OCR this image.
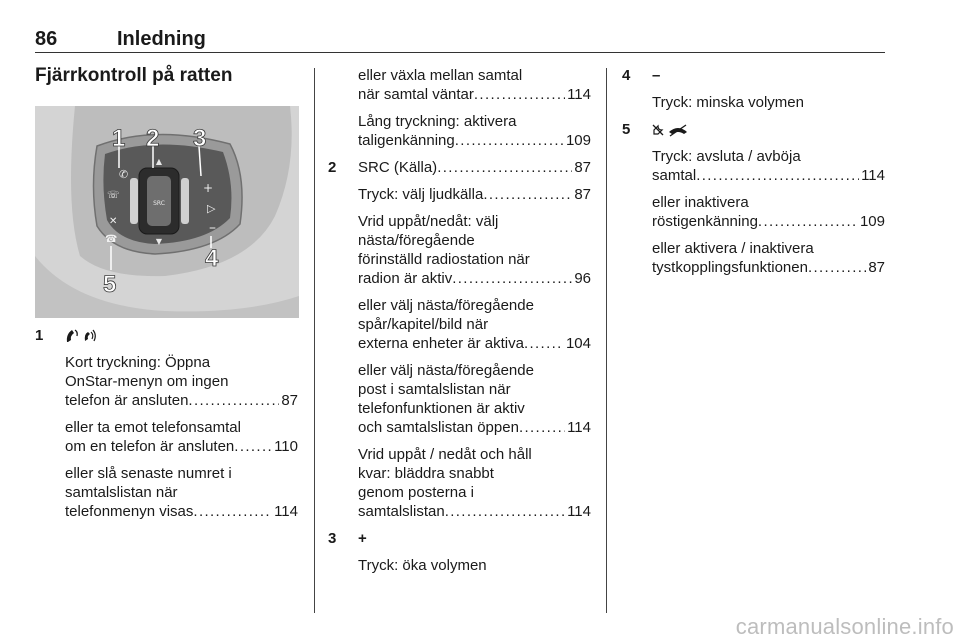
86	Inledning
Fjärrkontroll på ratten
SRC
▲
▼
✆
☏
✕
☎
+
▷
–
1 2 3
4
5
1
Kort tryckning: Öppna
OnStar-menyn om ingen
telefon är ansluten . . .	87
eller ta emot telefonsamtal
om en telefon är ansluten . . .	110
eller slå senaste numret i
samtalslistan när
telefonmenyn visas . . .	114
eller växla mellan samtal
när samtal väntar . . .	114
Lång tryckning: aktivera
taligenkänning . . .	109
2	SRC (Källa) . . .	87
Tryck: välj ljudkälla . . .	87
Vrid uppåt/nedåt: välj
nästa/föregående
förinställd radiostation när
radion är aktiv . . .	96
eller välj nästa/föregående
spår/kapitel/bild när
externa enheter är aktiva . . .	104
eller välj nästa/föregående
post i samtalslistan när
telefonfunktionen är aktiv
och samtalslistan öppen . . .	114
Vrid uppåt / nedåt och håll
kvar: bläddra snabbt
genom posterna i
samtalslistan . . .	114
3	+
Tryck: öka volymen
4	–
Tryck: minska volymen
5
Tryck: avsluta / avböja
samtal . . .	114
eller inaktivera
röstigenkänning . . .	109
eller aktivera / inaktivera
tystkopplingsfunktionen . . .	87
carmanualsonline.info
